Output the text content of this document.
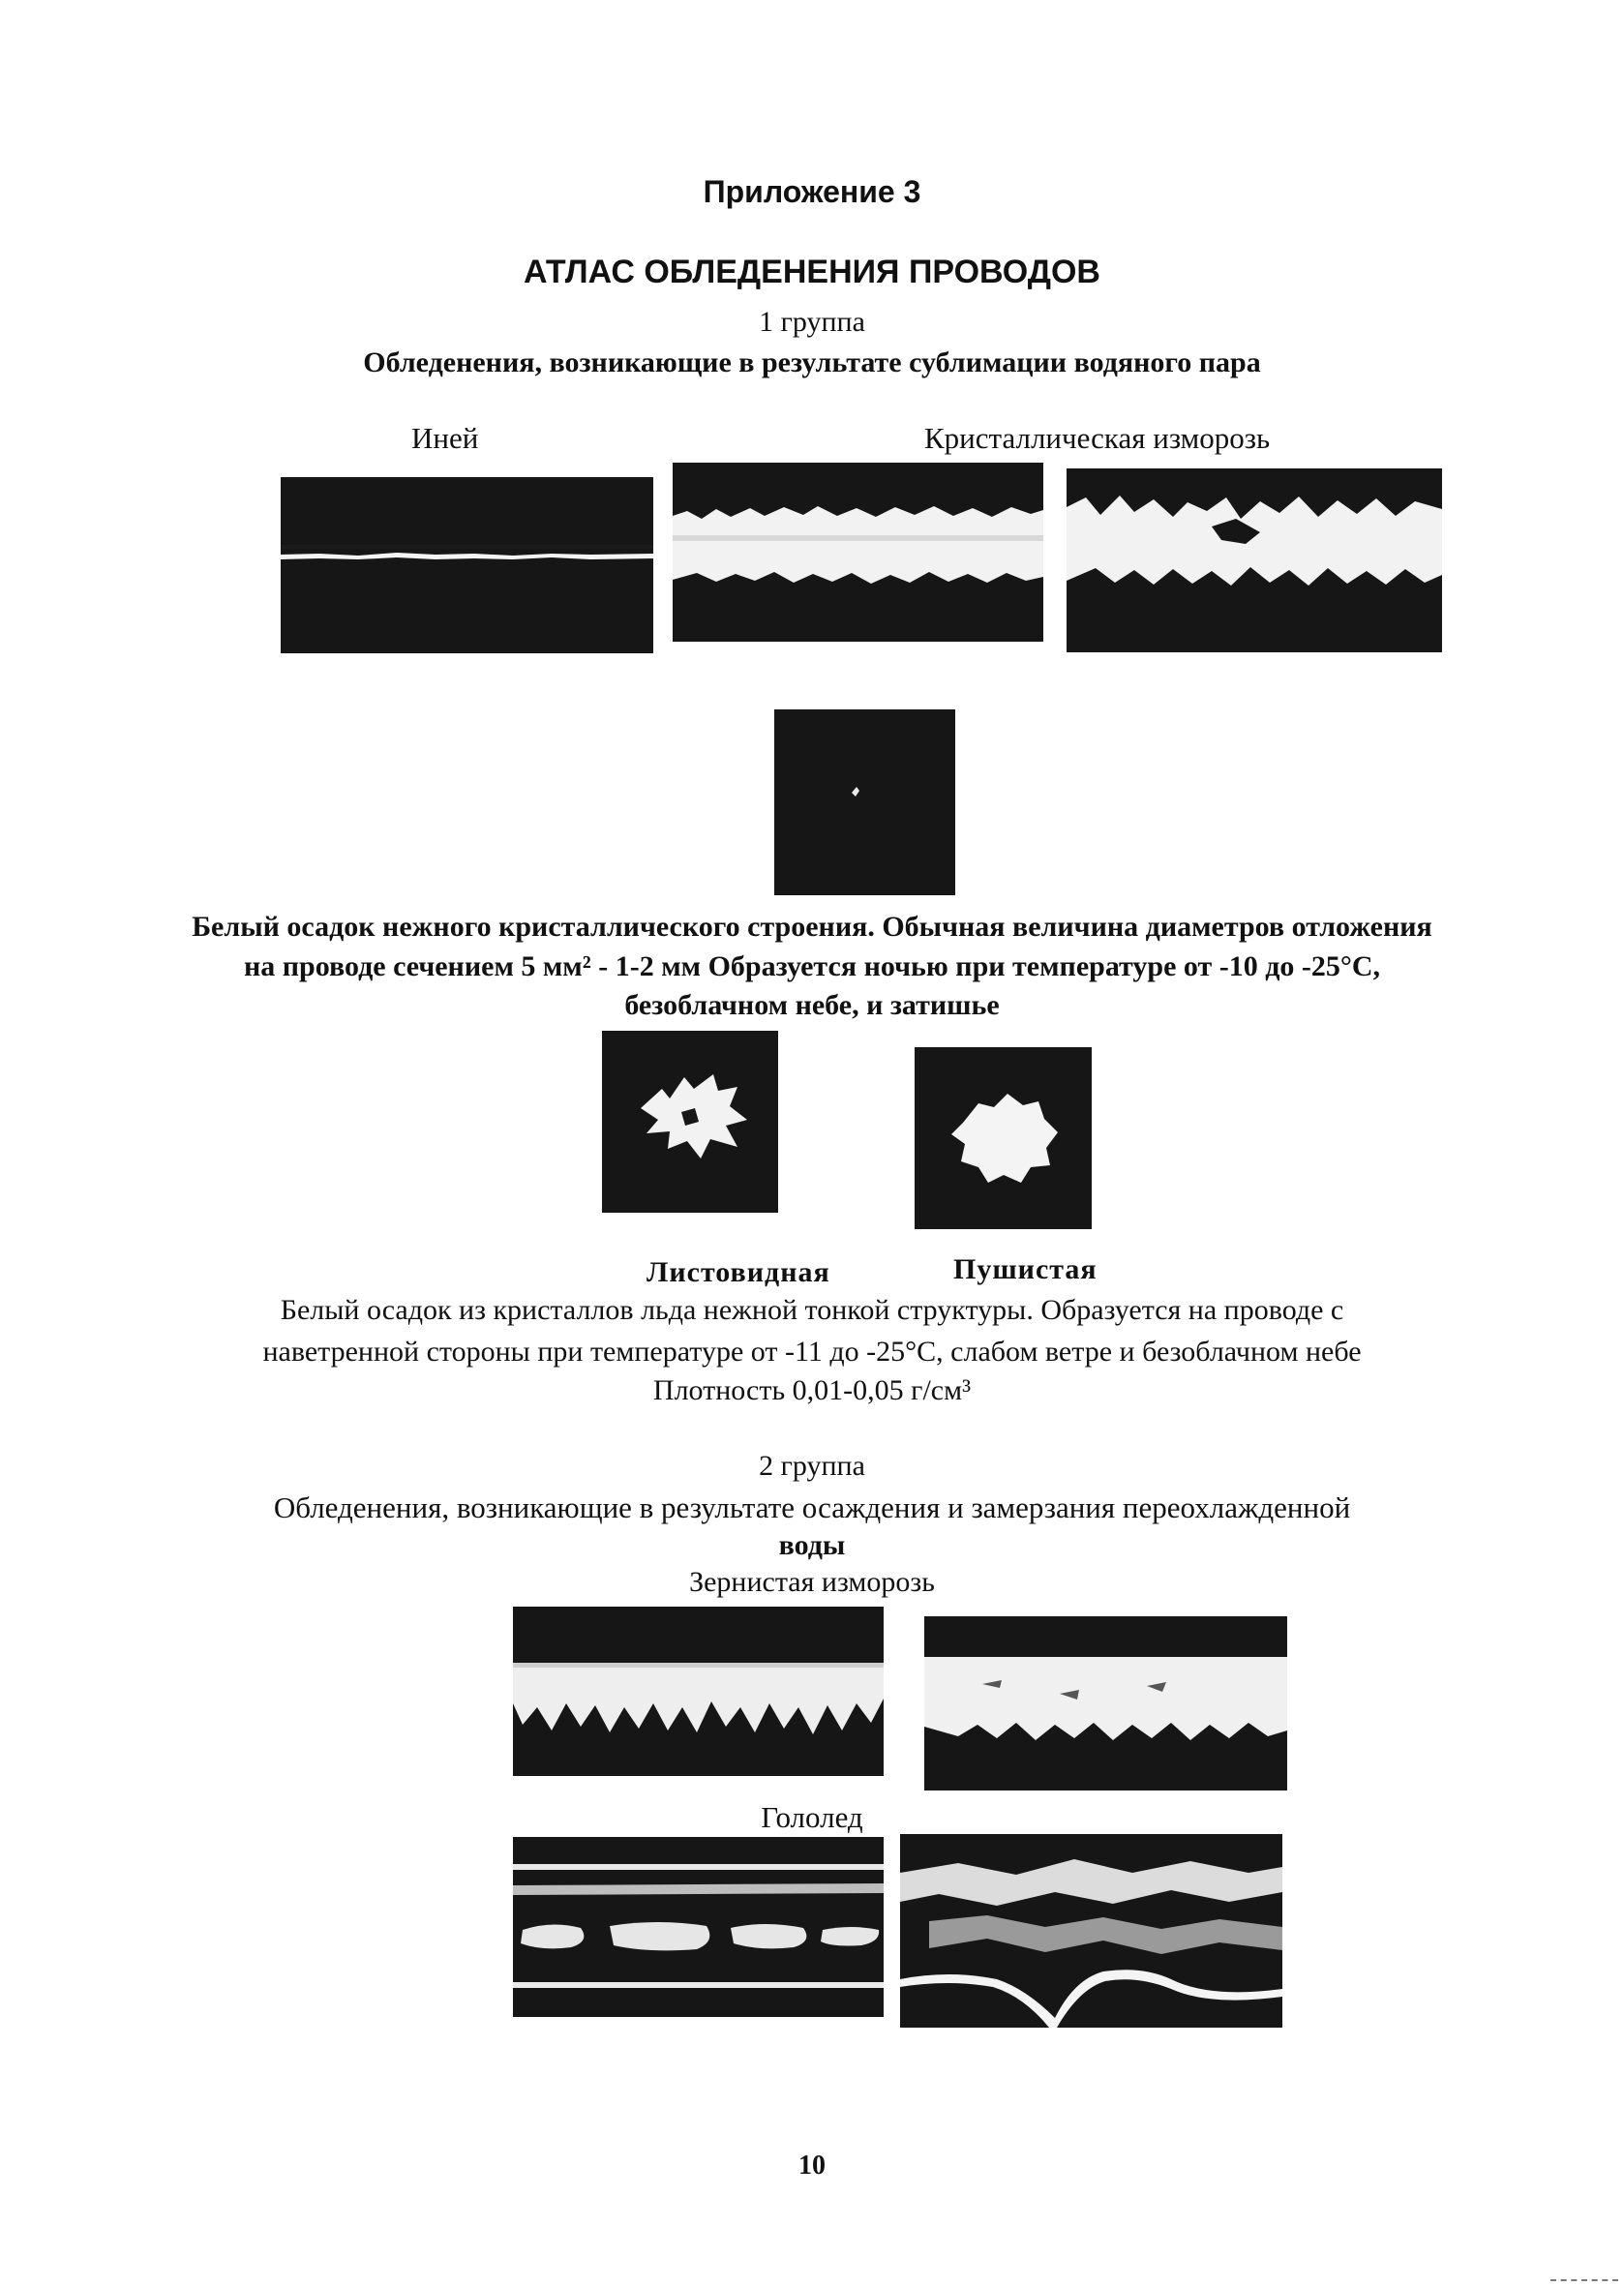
Приложение 3

АТЛАС ОБЛЕДЕНЕНИЯ ПРОВОДОВ

1 группа

Обледенения, возникающие в результате сублимации водяного пара

Иней	Кристаллическая изморозь

Белый осадок нежного кристаллического строения. Обычная величина диаметров отложения

на проводе сечением 5 мм² - 1-2 мм Образуется ночью при температуре от -10 до -25°С,

безоблачном небе, и затишье

Листовидная	Пушистая

Белый осадок из кристаллов льда нежной тонкой структуры. Образуется на проводе с

наветренной стороны при температуре от -11 до -25°С, слабом ветре и безоблачном небе

Плотность 0,01-0,05 г/см³

2 группа

Обледенения, возникающие в результате осаждения и замерзания переохлажденной

воды

Зернистая изморозь

Гололед

10
